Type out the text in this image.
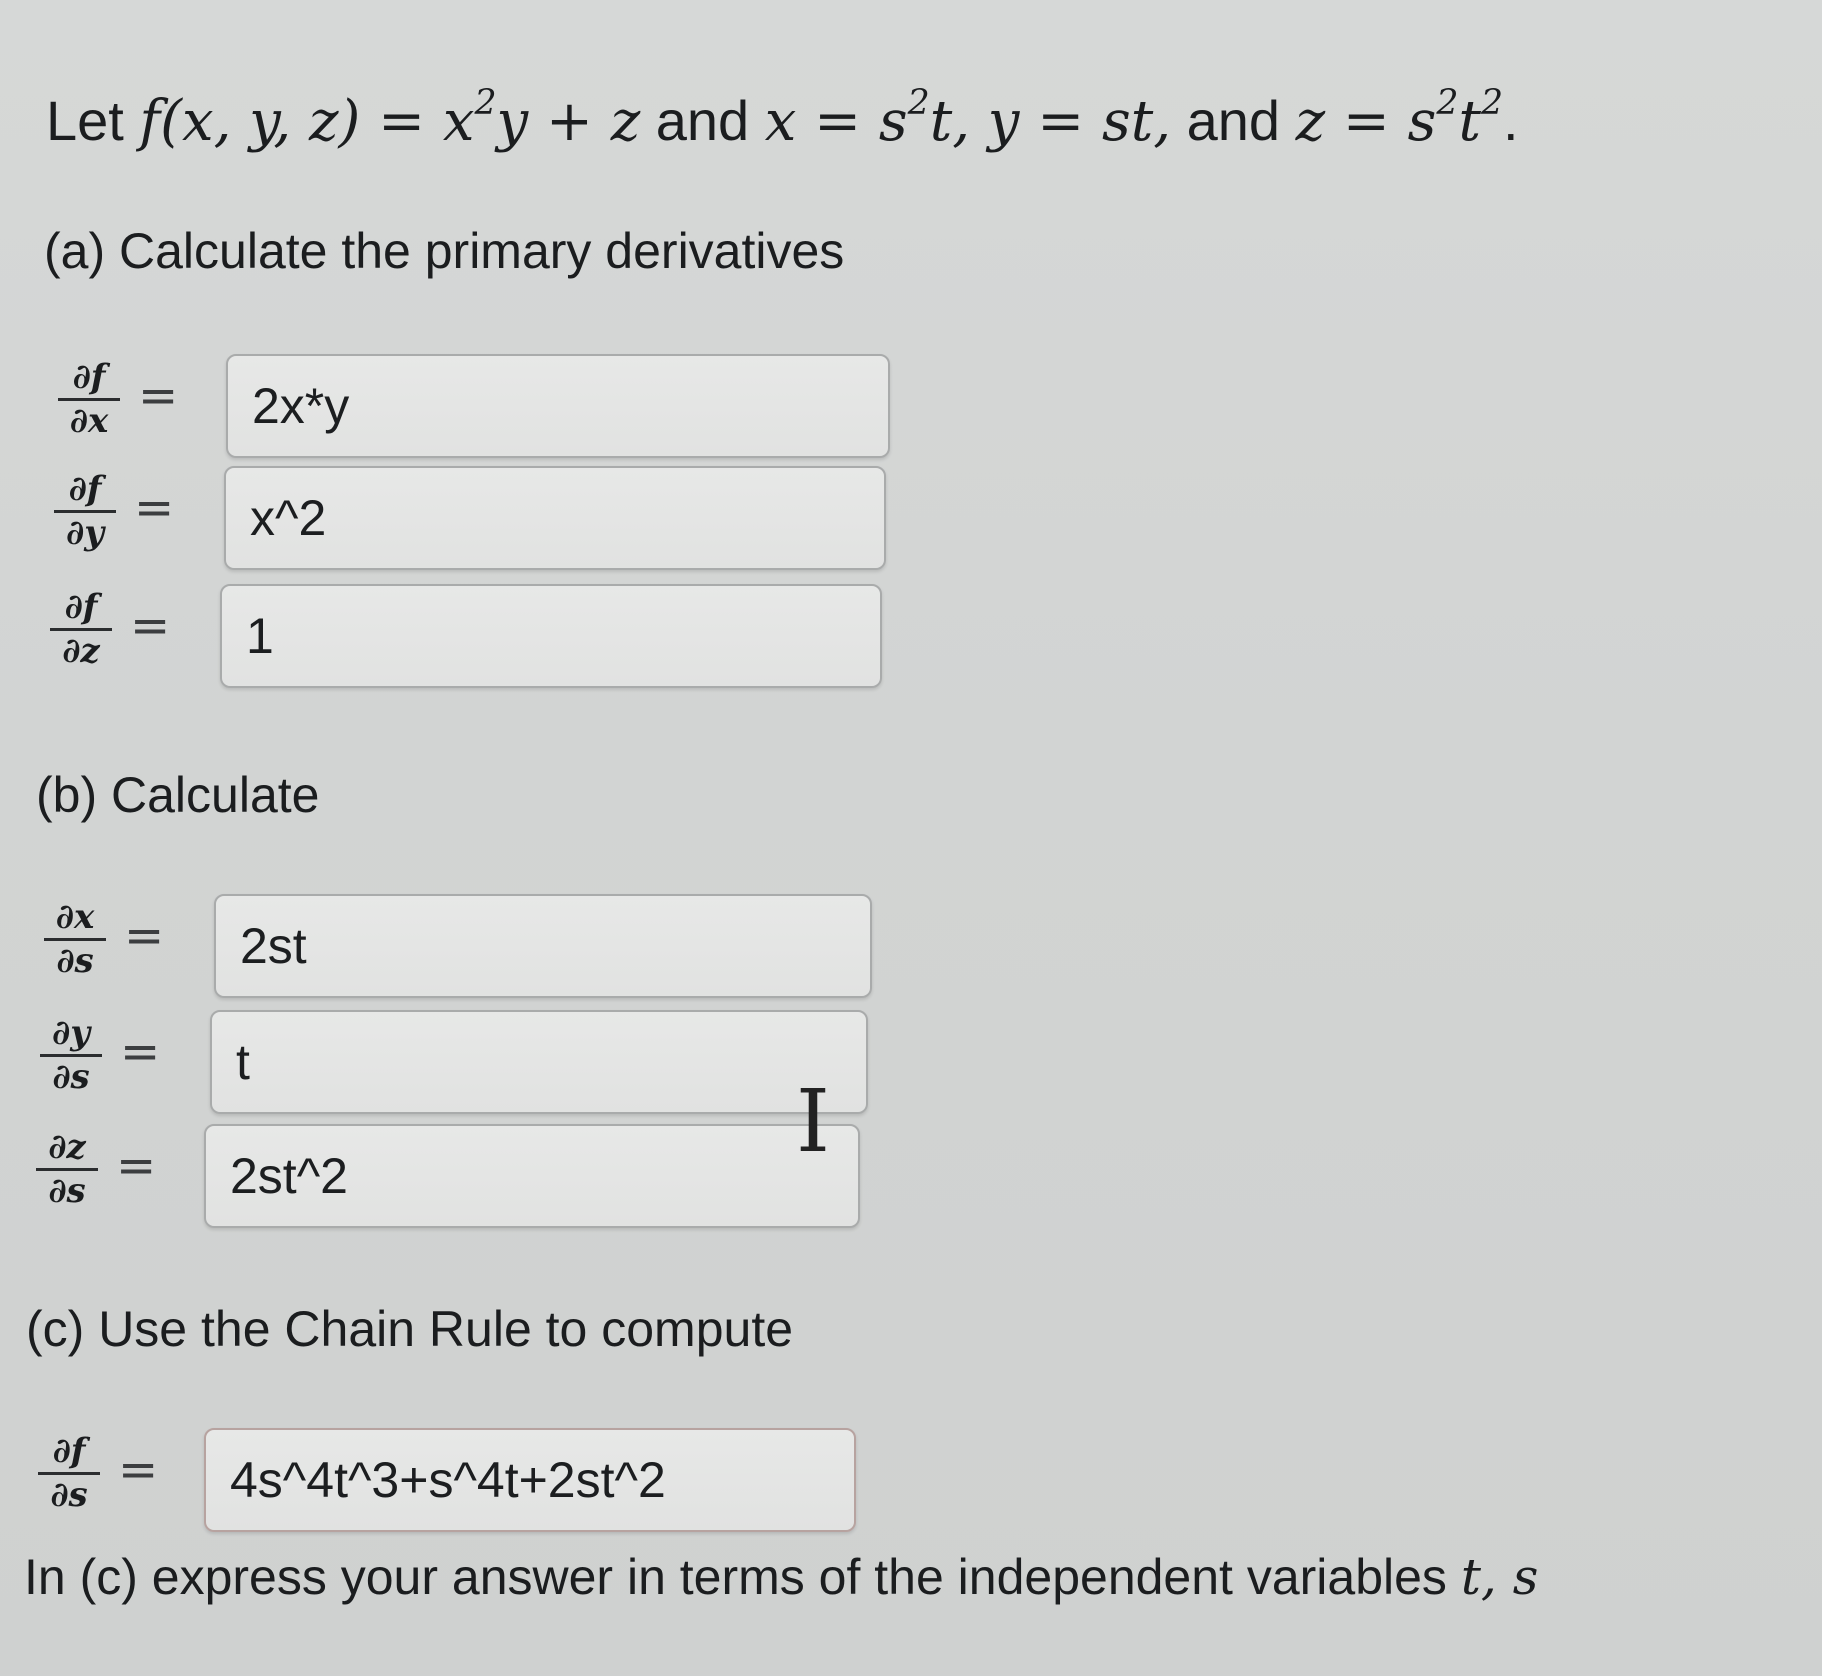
Let f(x, y, $z) = x^2y + z$ and $x = s^2t$, y = st, and $z = s^2t^2$.
(a) Calculate the primary derivatives
∂f
∂x =	2x*y
∂f
∂y =	x^2
∂f
∂z =	1
(b) Calculate
∂x
∂s =	2st
∂y
∂s =	t
∂z
∂s =	2st^2
I
(c) Use the Chain Rule to compute
∂f
∂s =	4s^4t^3+s^4t+2st^2
In (c) express your answer in terms of the independent variables t, s
